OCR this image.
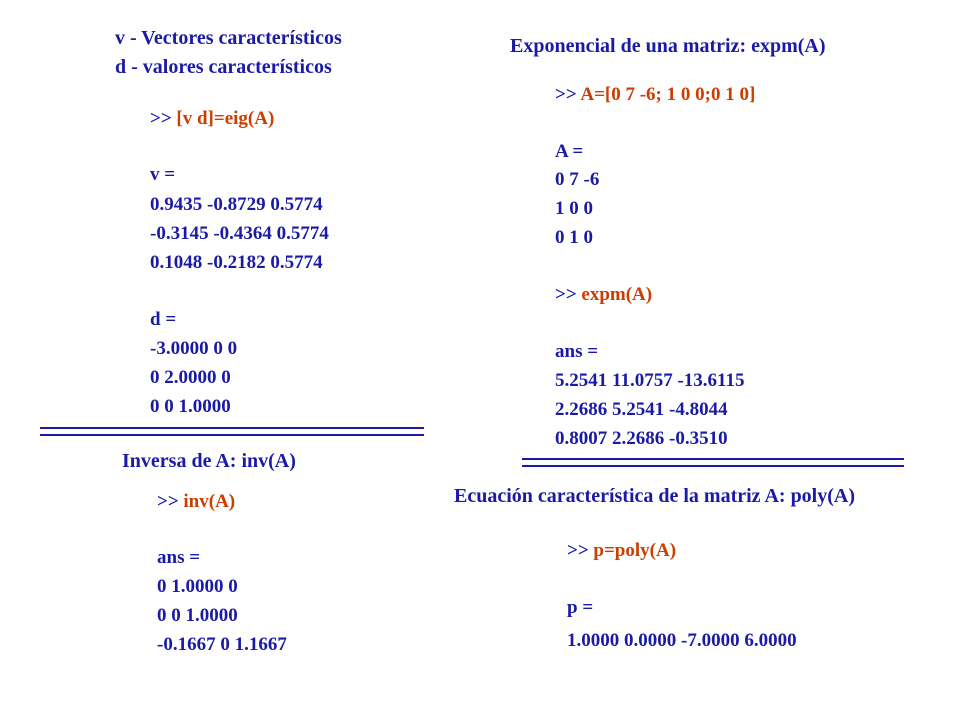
v - Vectores característicos
d - valores característicos
>> [v d]=eig(A)
v =
0.9435 -0.8729 0.5774
-0.3145 -0.4364 0.5774
0.1048 -0.2182 0.5774
d =
-3.0000 0 0
0 2.0000 0
0 0 1.0000
Exponencial de una matriz: expm(A)
>> A=[0 7 -6; 1 0 0;0 1 0]
A =
0 7 -6
1 0 0
0 1 0
>> expm(A)
ans =
5.2541 11.0757 -13.6115
2.2686 5.2541 -4.8044
0.8007 2.2686 -0.3510
Inversa de A: inv(A)
>> inv(A)
ans =
0 1.0000 0
0 0 1.0000
-0.1667 0 1.1667
Ecuación característica de la matriz A: poly(A)
>> p=poly(A)
p =
1.0000 0.0000 -7.0000 6.0000
